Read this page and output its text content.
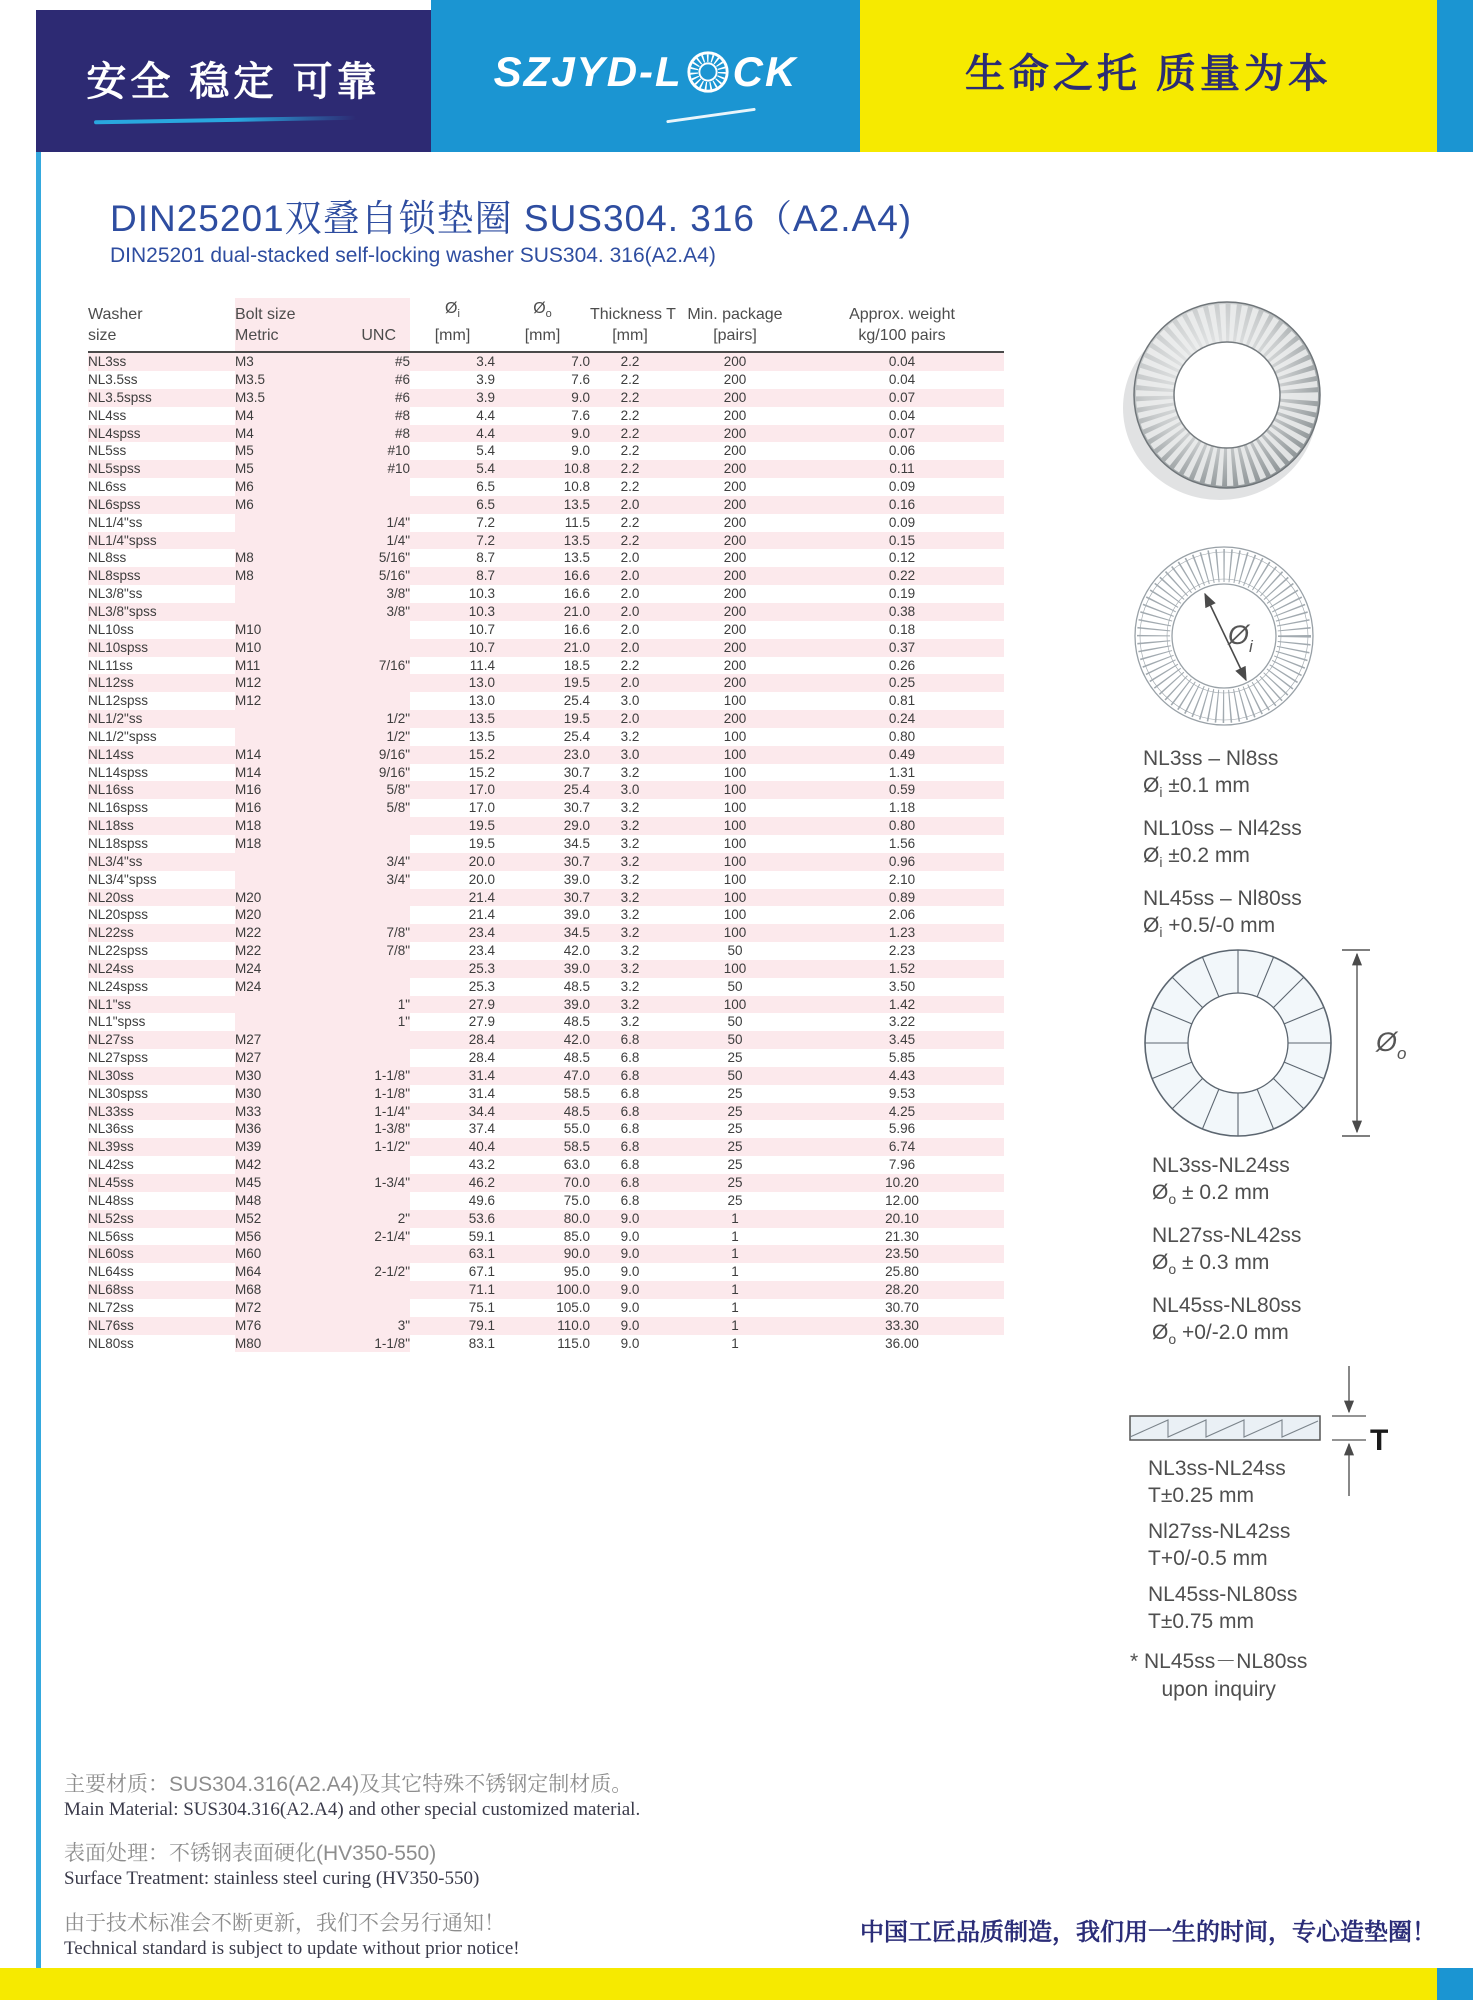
安全 稳定 可靠	SZJYD-L CK	生命之托 质量为本
DIN25201双叠自锁垫圈 SUS304. 316（A2.A4)
DIN25201 dual-stacked self-locking washer SUS304. 316(A2.A4)
Washer
size

Bolt size
Metric	UNC

$Ø_i$
[mm]

$Ø_o$
[mm]

Thickness T
[mm]

Min. package
[pairs]

Approx. weight
kg/100 pairs

NL3ss	M3	#5	3.4	7.0	2.2	200	0.04
NL3.5ss	M3.5	#6	3.9	7.6	2.2	200	0.04
NL3.5spss	M3.5	#6	3.9	9.0	2.2	200	0.07
NL4ss	M4	#8	4.4	7.6	2.2	200	0.04
NL4spss	M4	#8	4.4	9.0	2.2	200	0.07
NL5ss	M5	#10	5.4	9.0	2.2	200	0.06
NL5spss	M5	#10	5.4	10.8	2.2	200	0.11
NL6ss	M6		6.5	10.8	2.2	200	0.09
NL6spss	M6		6.5	13.5	2.0	200	0.16
NL1/4"ss		1/4"	7.2	11.5	2.2	200	0.09
NL1/4"spss		1/4"	7.2	13.5	2.2	200	0.15
NL8ss	M8	5/16"	8.7	13.5	2.0	200	0.12
NL8spss	M8	5/16"	8.7	16.6	2.0	200	0.22
NL3/8"ss		3/8"	10.3	16.6	2.0	200	0.19
NL3/8"spss		3/8"	10.3	21.0	2.0	200	0.38
NL10ss	M10		10.7	16.6	2.0	200	0.18
NL10spss	M10		10.7	21.0	2.0	200	0.37
NL11ss	M11	7/16"	11.4	18.5	2.2	200	0.26
NL12ss	M12		13.0	19.5	2.0	200	0.25
NL12spss	M12		13.0	25.4	3.0	100	0.81
NL1/2"ss		1/2"	13.5	19.5	2.0	200	0.24
NL1/2"spss		1/2"	13.5	25.4	3.2	100	0.80
NL14ss	M14	9/16"	15.2	23.0	3.0	100	0.49
NL14spss	M14	9/16"	15.2	30.7	3.2	100	1.31
NL16ss	M16	5/8"	17.0	25.4	3.0	100	0.59
NL16spss	M16	5/8"	17.0	30.7	3.2	100	1.18
NL18ss	M18		19.5	29.0	3.2	100	0.80
NL18spss	M18		19.5	34.5	3.2	100	1.56
NL3/4"ss		3/4"	20.0	30.7	3.2	100	0.96
NL3/4"spss		3/4"	20.0	39.0	3.2	100	2.10
NL20ss	M20		21.4	30.7	3.2	100	0.89
NL20spss	M20		21.4	39.0	3.2	100	2.06
NL22ss	M22	7/8"	23.4	34.5	3.2	100	1.23
NL22spss	M22	7/8"	23.4	42.0	3.2	50	2.23
NL24ss	M24		25.3	39.0	3.2	100	1.52
NL24spss	M24		25.3	48.5	3.2	50	3.50
NL1"ss		1"	27.9	39.0	3.2	100	1.42
NL1"spss		1"	27.9	48.5	3.2	50	3.22
NL27ss	M27		28.4	42.0	6.8	50	3.45
NL27spss	M27		28.4	48.5	6.8	25	5.85
NL30ss	M30	1-1/8"	31.4	47.0	6.8	50	4.43
NL30spss	M30	1-1/8"	31.4	58.5	6.8	25	9.53
NL33ss	M33	1-1/4"	34.4	48.5	6.8	25	4.25
NL36ss	M36	1-3/8"	37.4	55.0	6.8	25	5.96
NL39ss	M39	1-1/2"	40.4	58.5	6.8	25	6.74
NL42ss	M42		43.2	63.0	6.8	25	7.96
NL45ss	M45	1-3/4"	46.2	70.0	6.8	25	10.20
NL48ss	M48		49.6	75.0	6.8	25	12.00
NL52ss	M52	2"	53.6	80.0	9.0	1	20.10
NL56ss	M56	2-1/4"	59.1	85.0	9.0	1	21.30
NL60ss	M60		63.1	90.0	9.0	1	23.50
NL64ss	M64	2-1/2"	67.1	95.0	9.0	1	25.80
NL68ss	M68		71.1	100.0	9.0	1	28.20
NL72ss	M72		75.1	105.0	9.0	1	30.70
NL76ss	M76	3"	79.1	110.0	9.0	1	33.30
NL80ss	M80	1-1/8"	83.1	115.0	9.0	1	36.00
$Ø_i$
NL3ss – Nl8ss
$Ø_i \pm 0.1$ mm
NL10ss – Nl42ss
$Ø_i \pm 0.2$ mm
NL45ss – Nl80ss
$Ø_i +0.5/-0$ mm
$Ø_o$
NL3ss-NL24ss
$Ø_o \pm 0.2$ mm
NL27ss-NL42ss
$Ø_o \pm 0.3$ mm
NL45ss-NL80ss
$Ø_o +0/-2.0$ mm
T
NL3ss-NL24ss
T±0.25 mm
Nl27ss-NL42ss
T+0/-0.5 mm
NL45ss-NL80ss
T±0.75 mm
* NL45ss－NL80ss
upon inquiry
主要材质：SUS304.316(A2.A4)及其它特殊不锈钢定制材质。
Main Material: SUS304.316(A2.A4) and other special customized material.
表面处理：不锈钢表面硬化(HV350-550)
Surface Treatment: stainless steel curing (HV350-550)
由于技术标准会不断更新，我们不会另行通知！
Technical standard is subject to update without prior notice!
中国工匠品质制造，我们用一生的时间，专心造垫圈！
